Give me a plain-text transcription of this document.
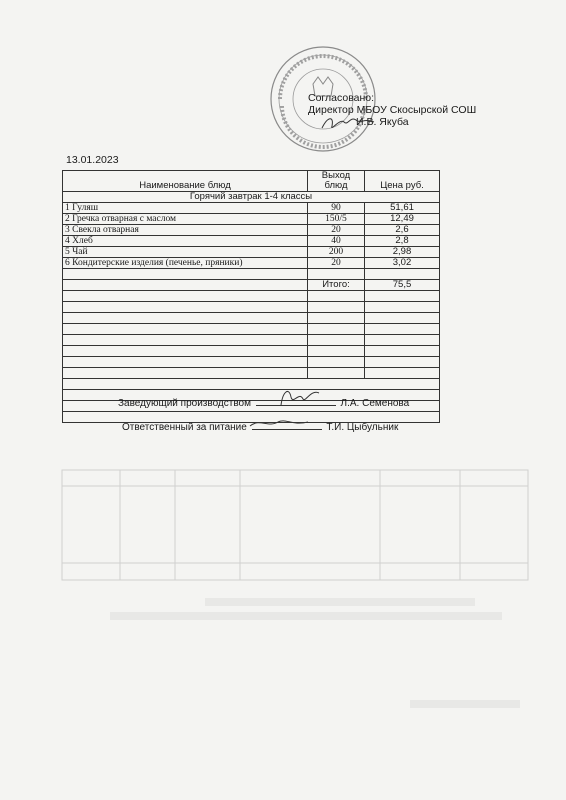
Согласовано:
Директор МБОУ Скосырской СОШ
И.В. Якуба
13.01.2023
Наименование блюд	Выход блюд	Цена руб.
Горячий завтрак 1-4 классы		
1 Гуляш	90	51,61
2 Гречка отварная с маслом	150/5	12,49
3 Свекла отварная	20	2,6
4 Хлеб	40	2,8
5 Чай	200	2,98
6 Кондитерские изделия (печенье, пряники)	20	3,02

	Итого:	75,5

Заведующий производством	Л.А. Семенова
Ответственный за питание	Т.И. Цыбульник
